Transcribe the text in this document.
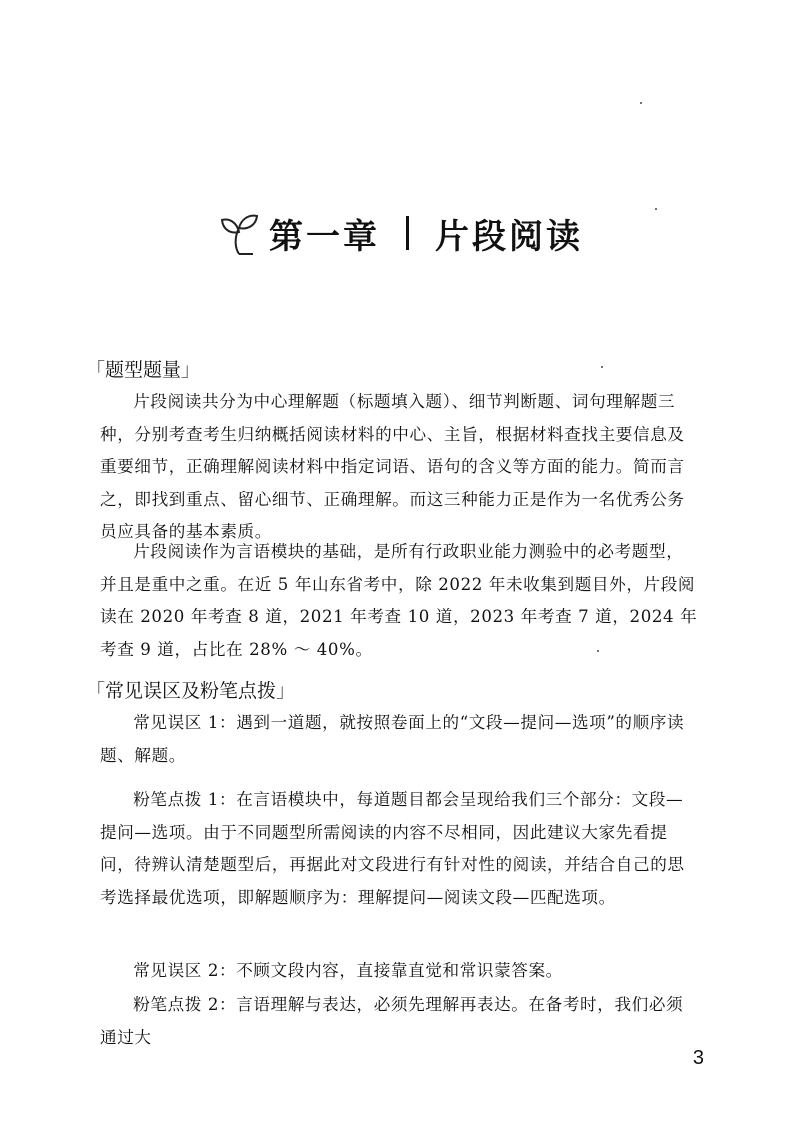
第一章 片段阅读
「题型题量」

片段阅读共分为中心理解题（标题填入题）、细节判断题、词句理解题三种，分别考查考生归纳概括阅读材料的中心、主旨，根据材料查找主要信息及重要细节，正确理解阅读材料中指定词语、语句的含义等方面的能力。简而言之，即找到重点、留心细节、正确理解。而这三种能力正是作为一名优秀公务员应具备的基本素质。

片段阅读作为言语模块的基础，是所有行政职业能力测验中的必考题型，并且是重中之重。在近 5 年山东省考中，除 2022 年未收集到题目外，片段阅读在 2020 年考查 8 道，2021 年考查 10 道，2023 年考查 7 道，2024 年考查 9 道，占比在 28% ～ 40%。

「常见误区及粉笔点拨」

常见误区 1：遇到一道题，就按照卷面上的“文段—提问—选项”的顺序读题、解题。

粉笔点拨 1：在言语模块中，每道题目都会呈现给我们三个部分：文段—提问—选项。由于不同题型所需阅读的内容不尽相同，因此建议大家先看提问，待辨认清楚题型后，再据此对文段进行有针对性的阅读，并结合自己的思考选择最优选项，即解题顺序为：理解提问—阅读文段—匹配选项。

常见误区 2：不顾文段内容，直接靠直觉和常识蒙答案。

粉笔点拨 2：言语理解与表达，必须先理解再表达。在备考时，我们必须通过大

3
